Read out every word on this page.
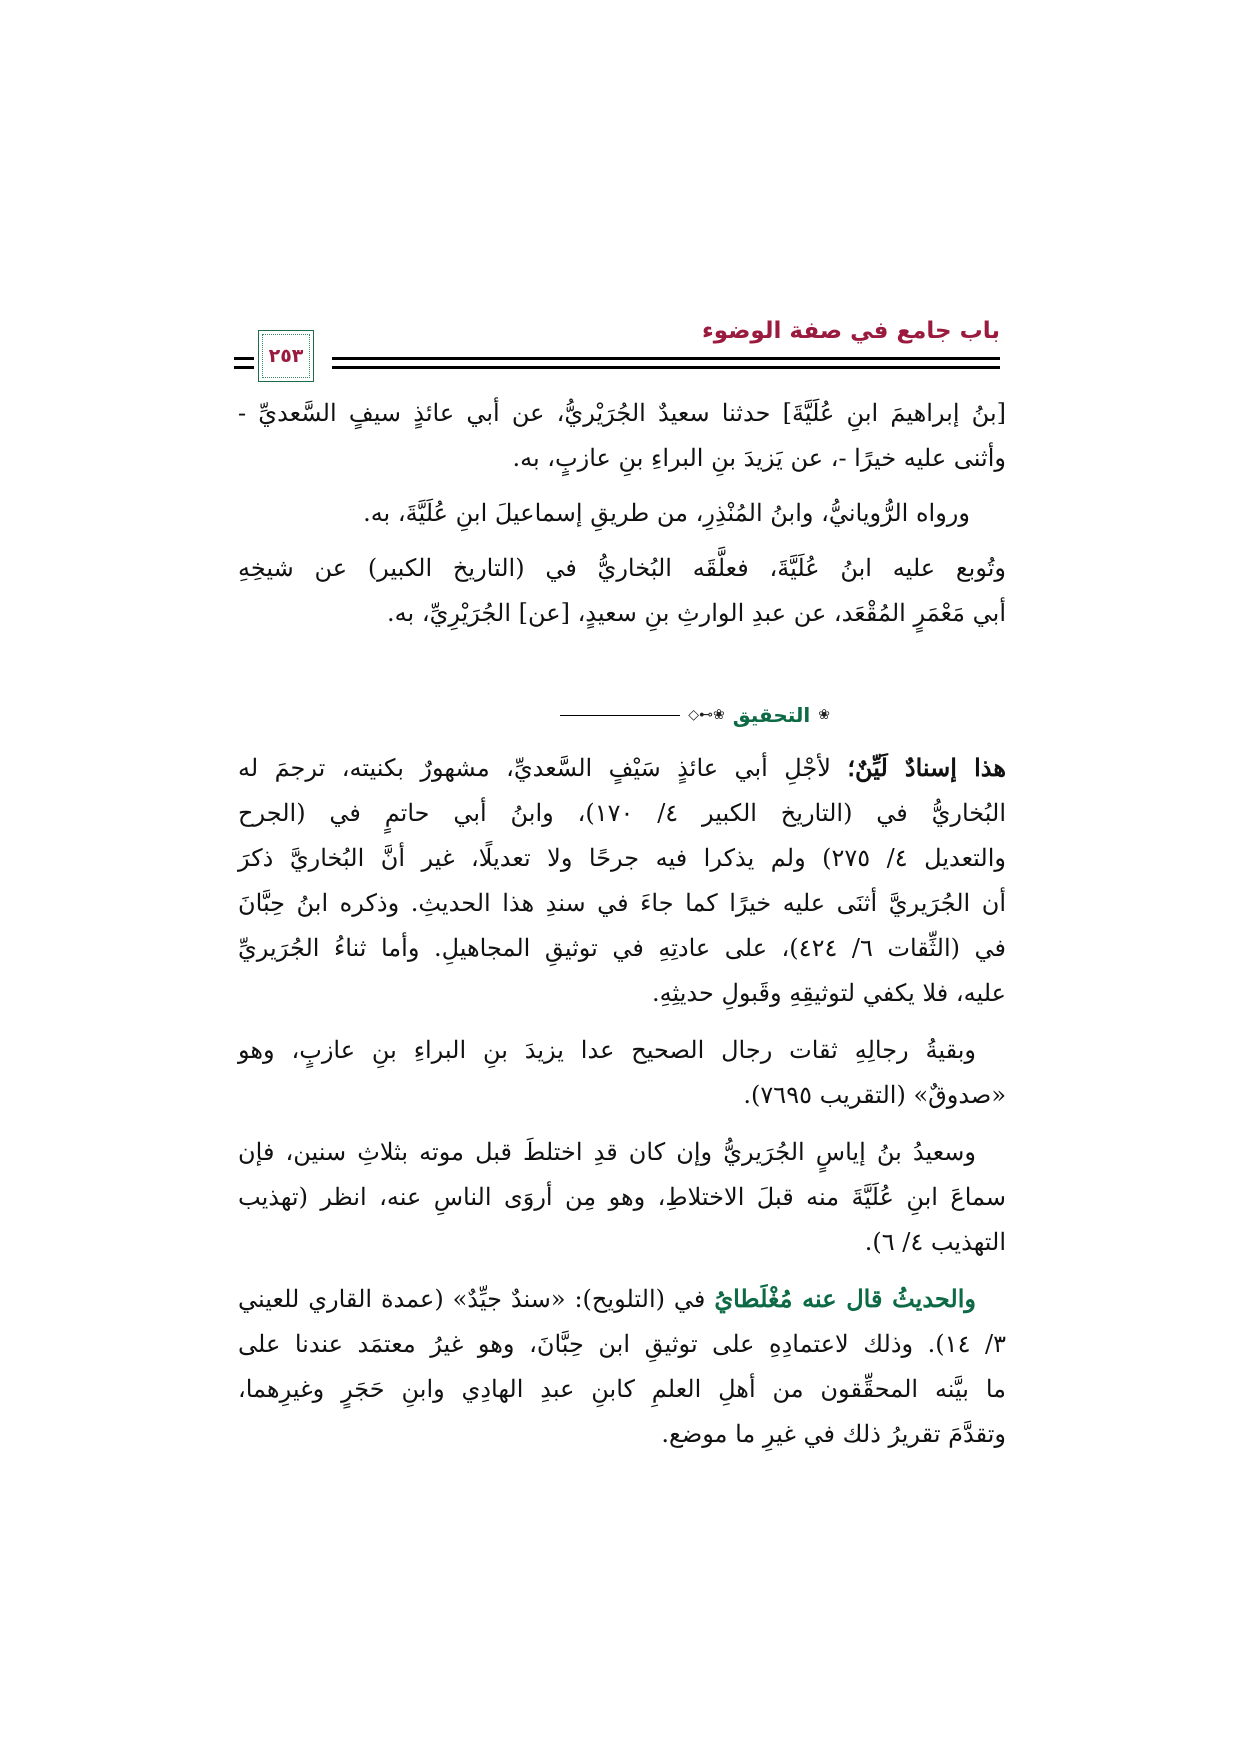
باب جامع في صفة الوضوء
٢٥٣
[بنُ إبراهيمَ ابنِ عُلَيَّةَ] حدثنا سعيدٌ الجُرَيْريُّ، عن أبي عائذٍ سيفٍ السَّعديِّ -
وأثنى عليه خيرًا -، عن يَزيدَ بنِ البراءِ بنِ عازبٍ، به.
ورواه الرُّويانيُّ، وابنُ المُنْذِرِ، من طريقِ إسماعيلَ ابنِ عُلَيَّةَ، به.
وتُوبع عليه ابنُ عُلَيَّةَ، فعلَّقَه البُخاريُّ في (التاريخ الكبير) عن شيخِهِ
أبي مَعْمَرٍ المُقْعَد، عن عبدِ الوارثِ بنِ سعيدٍ، [عن] الجُرَيْرِيِّ، به.
❀
التحقيق
❀⊶◇
هذا إسنادٌ لَيِّنٌ؛ لأجْلِ أبي عائذٍ سَيْفٍ السَّعديِّ، مشهورٌ بكنيته، ترجمَ له
البُخاريُّ في (التاريخ الكبير ٤/ ١٧٠)، وابنُ أبي حاتمٍ في (الجرح
والتعديل ٤/ ٢٧٥) ولم يذكرا فيه جرحًا ولا تعديلًا، غير أنَّ البُخاريَّ ذكرَ
أن الجُرَيريَّ أثنَى عليه خيرًا كما جاءَ في سندِ هذا الحديثِ. وذكره ابنُ حِبَّانَ
في (الثِّقات ٦/ ٤٢٤)، على عادتِهِ في توثيقِ المجاهيلِ. وأما ثناءُ الجُرَيريِّ
عليه، فلا يكفي لتوثيقِهِ وقَبولِ حديثِهِ.
وبقيةُ رجالِهِ ثقات رجال الصحيح عدا يزيدَ بنِ البراءِ بنِ عازبٍ، وهو
«صدوقٌ» (التقريب ٧٦٩٥).
وسعيدُ بنُ إياسٍ الجُرَيريُّ وإن كان قدِ اختلطَ قبل موته بثلاثِ سنين، فإن
سماعَ ابنِ عُلَيَّةَ منه قبلَ الاختلاطِ، وهو مِن أروَى الناسِ عنه، انظر (تهذيب
التهذيب ٤/ ٦).
والحديثُ قال عنه مُغْلَطايُ في (التلويح): «سندٌ جيِّدٌ» (عمدة القاري للعيني
٣/ ١٤). وذلك لاعتمادِهِ على توثيقِ ابن حِبَّانَ، وهو غيرُ معتمَد عندنا على
ما بيَّنه المحقِّقون من أهلِ العلمِ كابنِ عبدِ الهادِي وابنِ حَجَرٍ وغيرِهما،
وتقدَّمَ تقريرُ ذلك في غيرِ ما موضع.
